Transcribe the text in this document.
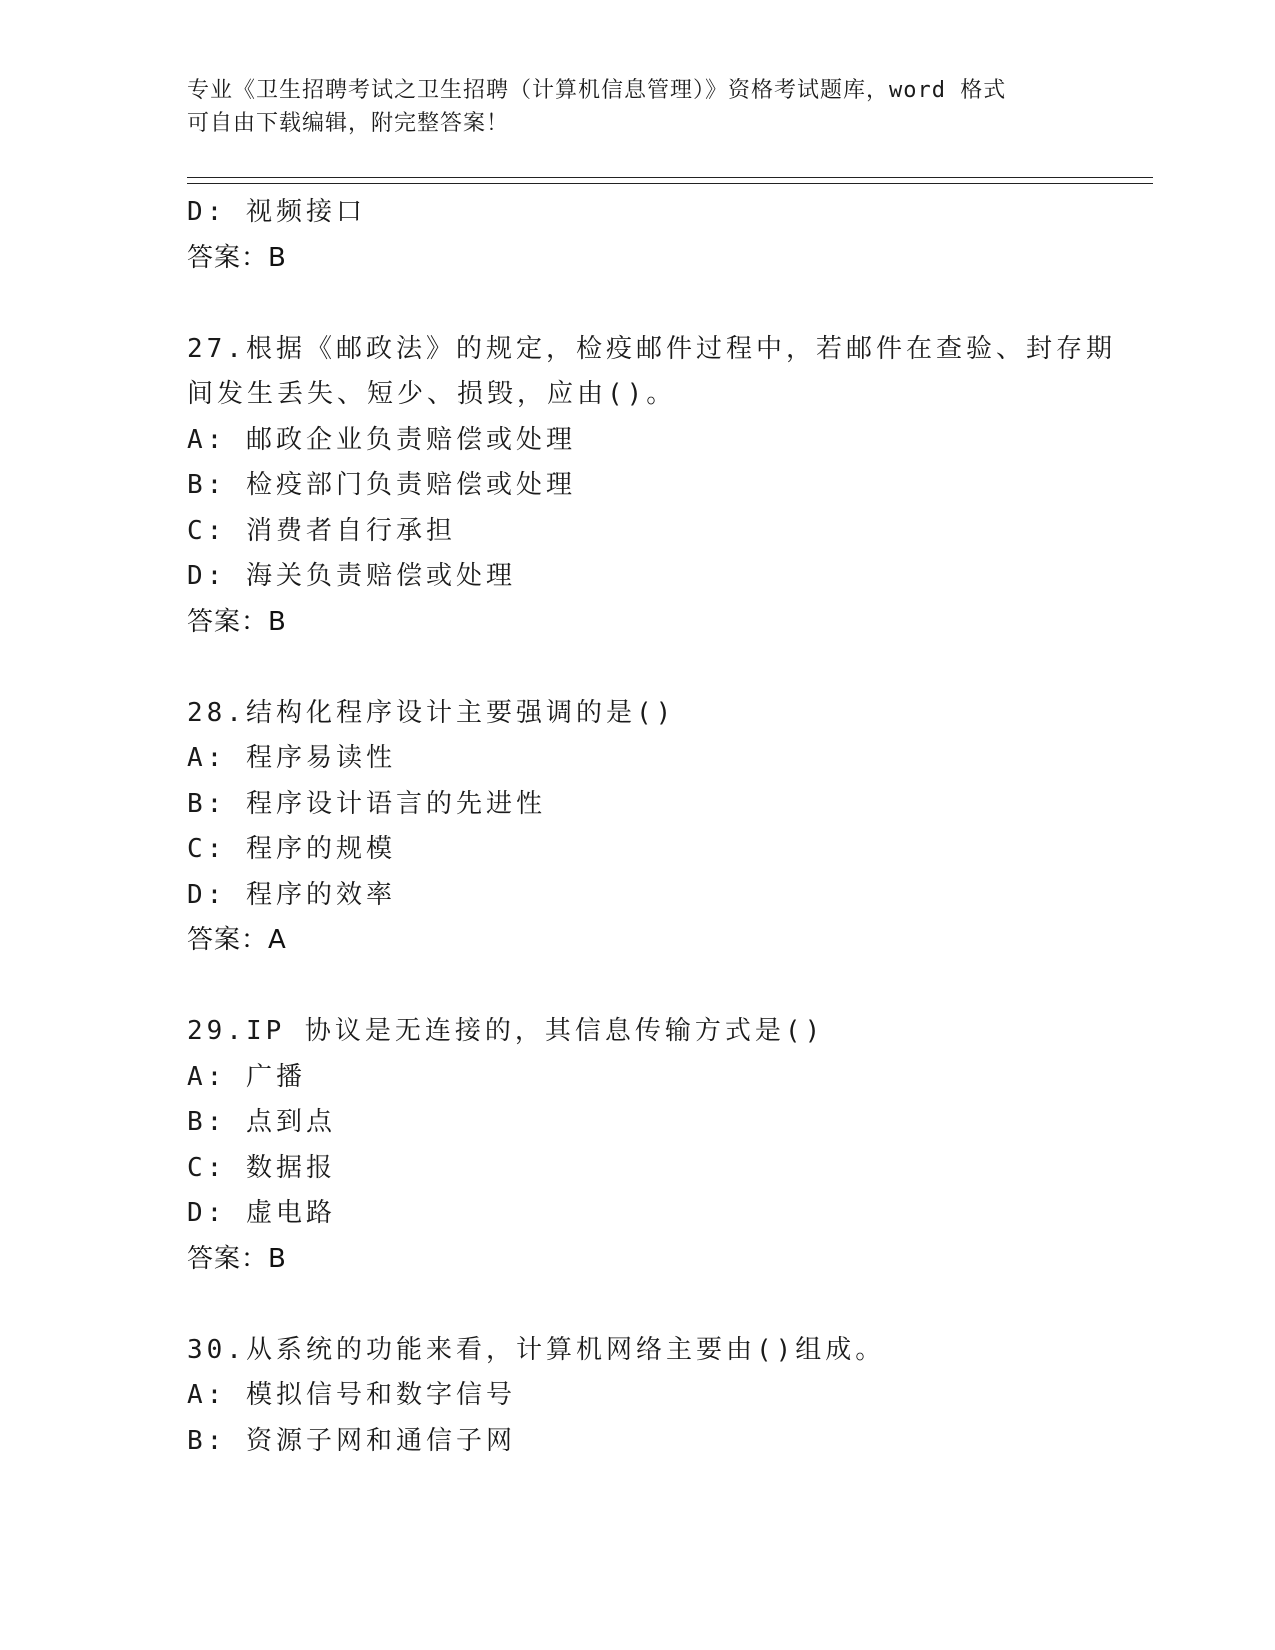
专业《卫生招聘考试之卫生招聘（计算机信息管理）》资格考试题库，word 格式
可自由下载编辑，附完整答案！
D: 视频接口
答案：B
27.根据《邮政法》的规定，检疫邮件过程中，若邮件在查验、封存期
间发生丢失、短少、损毁，应由()。
A: 邮政企业负责赔偿或处理
B: 检疫部门负责赔偿或处理
C: 消费者自行承担
D: 海关负责赔偿或处理
答案：B
28.结构化程序设计主要强调的是()
A: 程序易读性
B: 程序设计语言的先进性
C: 程序的规模
D: 程序的效率
答案：A
29.IP 协议是无连接的，其信息传输方式是()
A: 广播
B: 点到点
C: 数据报
D: 虚电路
答案：B
30.从系统的功能来看，计算机网络主要由()组成。
A: 模拟信号和数字信号
B: 资源子网和通信子网
